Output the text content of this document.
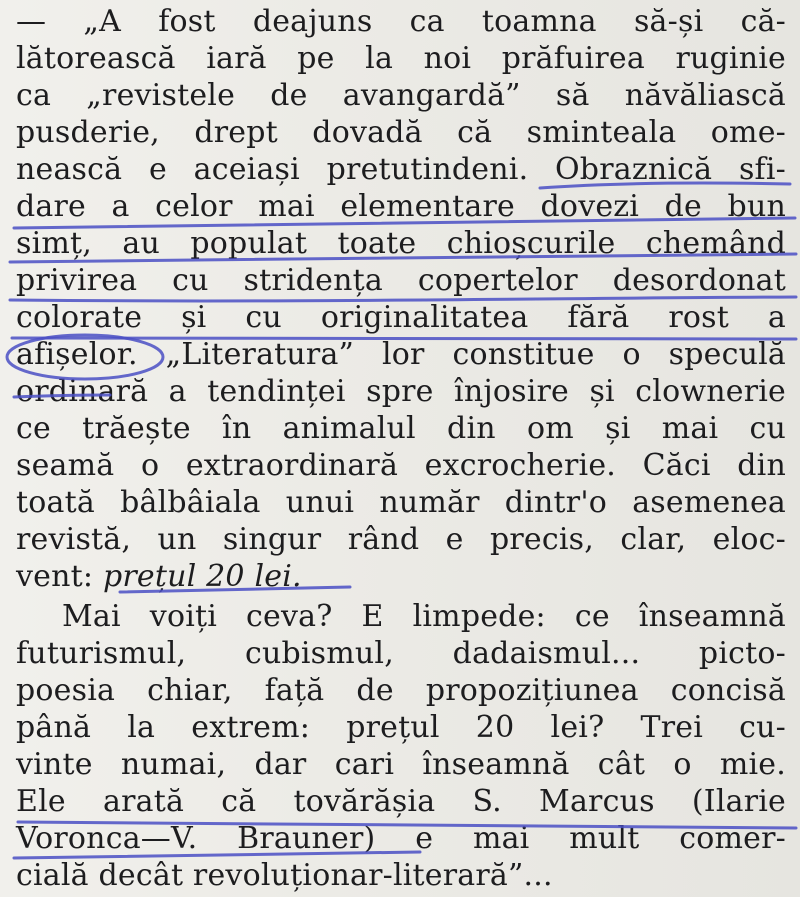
— „A fost deajuns ca toamna să-și că-
lătorească iară pe la noi prăfuirea ruginie
ca „revistele de avangardă” să năvăliască
pusderie, drept dovadă că sminteala ome-
nească e aceiași pretutindeni. Obraznică sfi-
dare a celor mai elementare dovezi de bun
simț, au populat toate chioșcurile chemând
privirea cu stridența copertelor desordonat
colorate și cu originalitatea fără rost a
afișelor. „Literatura” lor constitue o speculă
ordinară a tendinței spre înjosire și clownerie
ce trăește în animalul din om și mai cu
seamă o extraordinară excrocherie. Căci din
toată bâlbâiala unui număr dintr'o asemenea
revistă, un singur rând e precis, clar, eloc-
vent: prețul 20 lei.
Mai voiți ceva? E limpede: ce înseamnă
futurismul, cubismul, dadaismul... picto-
poesia chiar, față de propozițiunea concisă
până la extrem: prețul 20 lei? Trei cu-
vinte numai, dar cari înseamnă cât o mie.
Ele arată că tovărășia S. Marcus (Ilarie
Voronca—V. Brauner) e mai mult comer-
cială decât revoluționar-literară”...
